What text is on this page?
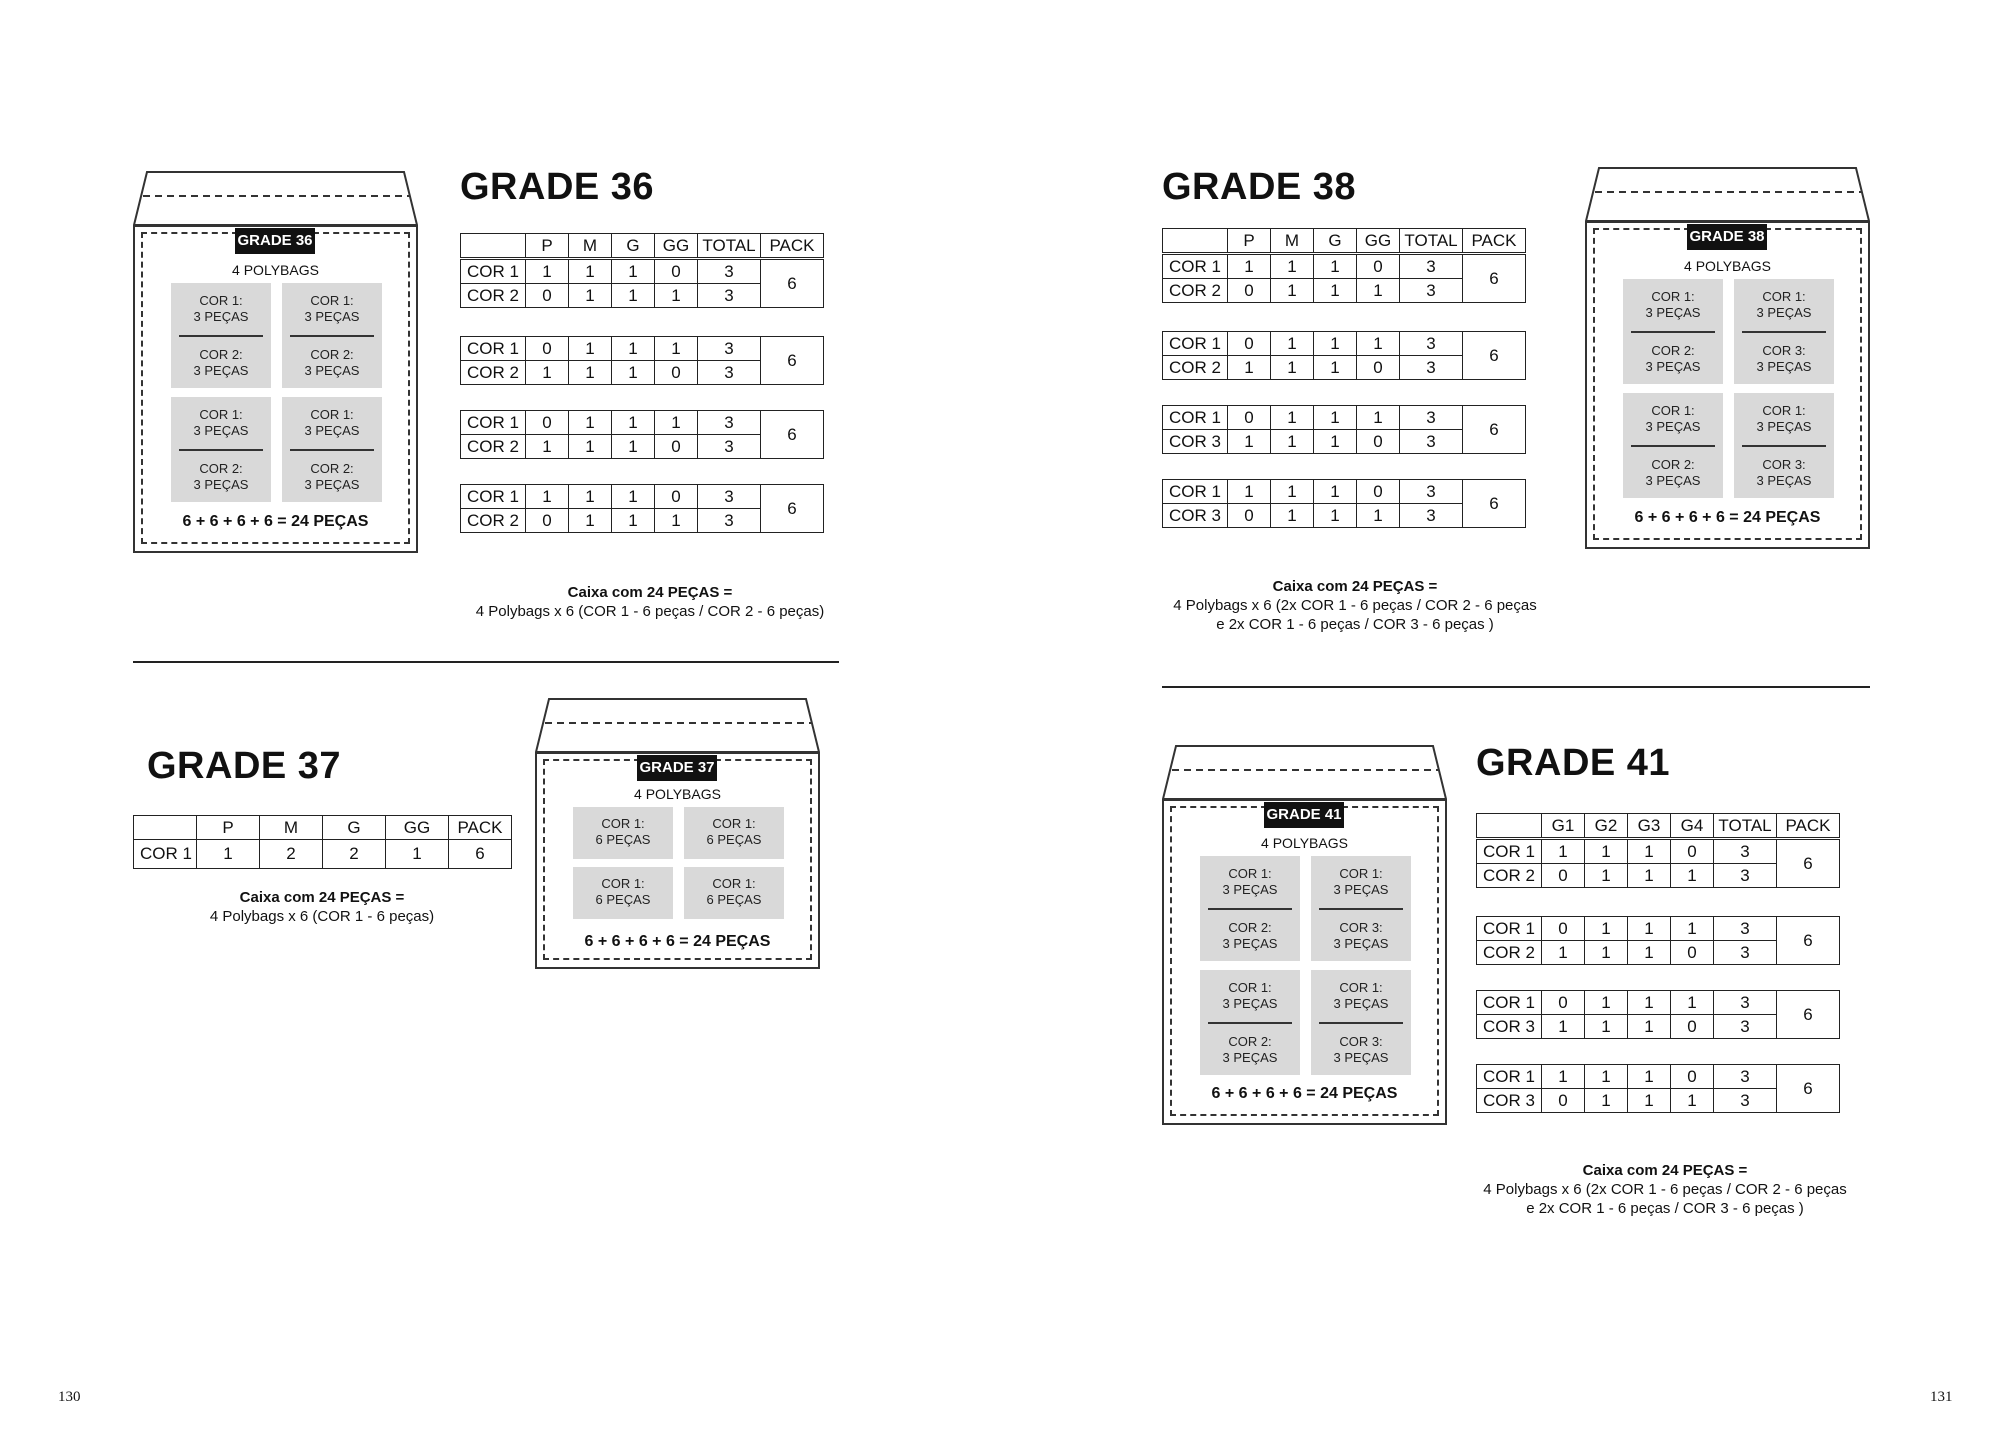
GRADE 36
4 POLYBAGS
COR 1:
3 PEÇAS
COR 2:
3 PEÇAS
COR 1:
3 PEÇAS
COR 2:
3 PEÇAS
COR 1:
3 PEÇAS
COR 2:
3 PEÇAS
COR 1:
3 PEÇAS
COR 2:
3 PEÇAS
6 + 6 + 6 + 6 = 24 PEÇAS
GRADE 36
	P	M	G	GG	TOTAL	PACK
COR 1	1	1	1	0	3	6
COR 2	0	1	1	1	3	
COR 1	0	1	1	1	3	6
COR 2	1	1	1	0	3	
COR 1	0	1	1	1	3	6
COR 2	1	1	1	0	3	
COR 1	1	1	1	0	3	6
COR 2	0	1	1	1	3	
Caixa com 24 PEÇAS =
4 Polybags x 6 (COR 1 - 6 peças / COR 2 - 6 peças)
GRADE 37
	P	M	G	GG	PACK
COR 1	1	2	2	1	6
Caixa com 24 PEÇAS =
4 Polybags x 6 (COR 1 - 6 peças)
GRADE 37
4 POLYBAGS
COR 1:
6 PEÇAS
COR 1:
6 PEÇAS
COR 1:
6 PEÇAS
COR 1:
6 PEÇAS
6 + 6 + 6 + 6 = 24 PEÇAS
130
GRADE 38
	P	M	G	GG	TOTAL	PACK
COR 1	1	1	1	0	3	6
COR 2	0	1	1	1	3	
COR 1	0	1	1	1	3	6
COR 2	1	1	1	0	3	
COR 1	0	1	1	1	3	6
COR 3	1	1	1	0	3	
COR 1	1	1	1	0	3	6
COR 3	0	1	1	1	3	
Caixa com 24 PEÇAS =
4 Polybags x 6 (2x COR 1 - 6 peças / COR 2 - 6 peças
e 2x COR 1 - 6 peças / COR 3 - 6 peças )
GRADE 38
4 POLYBAGS
COR 1:
3 PEÇAS
COR 2:
3 PEÇAS
COR 1:
3 PEÇAS
COR 3:
3 PEÇAS
COR 1:
3 PEÇAS
COR 2:
3 PEÇAS
COR 1:
3 PEÇAS
COR 3:
3 PEÇAS
6 + 6 + 6 + 6 = 24 PEÇAS
GRADE 41
4 POLYBAGS
COR 1:
3 PEÇAS
COR 2:
3 PEÇAS
COR 1:
3 PEÇAS
COR 3:
3 PEÇAS
COR 1:
3 PEÇAS
COR 2:
3 PEÇAS
COR 1:
3 PEÇAS
COR 3:
3 PEÇAS
6 + 6 + 6 + 6 = 24 PEÇAS
GRADE 41
	G1	G2	G3	G4	TOTAL	PACK
COR 1	1	1	1	0	3	6
COR 2	0	1	1	1	3	
COR 1	0	1	1	1	3	6
COR 2	1	1	1	0	3	
COR 1	0	1	1	1	3	6
COR 3	1	1	1	0	3	
COR 1	1	1	1	0	3	6
COR 3	0	1	1	1	3	
Caixa com 24 PEÇAS =
4 Polybags x 6 (2x COR 1 - 6 peças / COR 2 - 6 peças
e 2x COR 1 - 6 peças / COR 3 - 6 peças )
131
